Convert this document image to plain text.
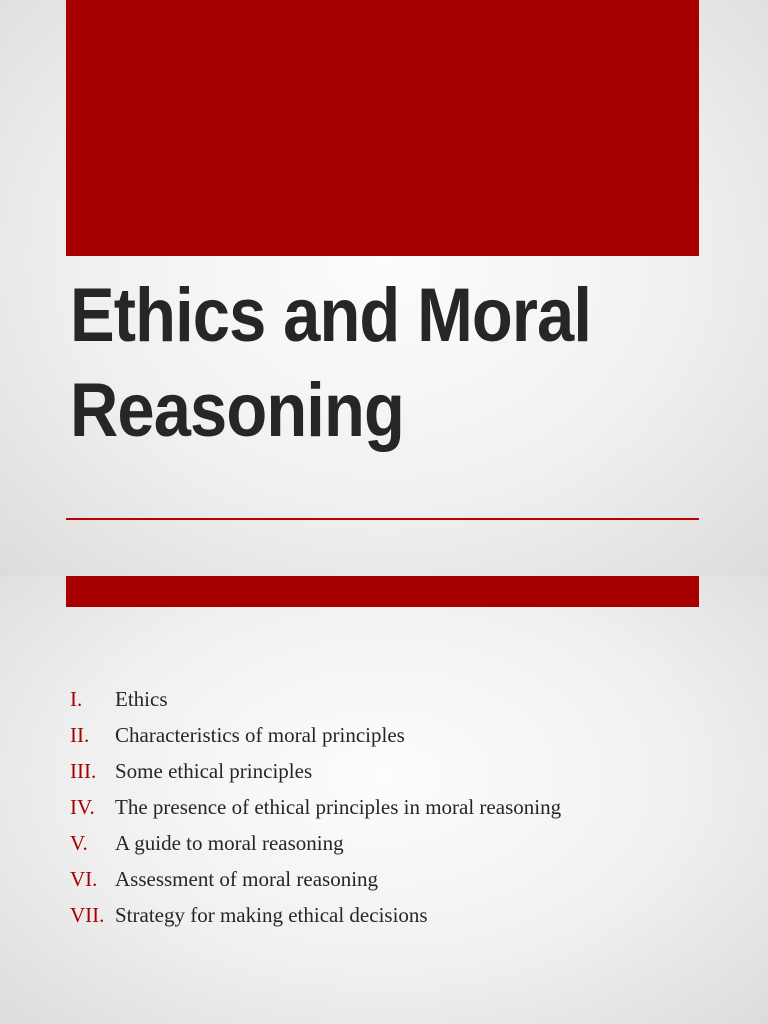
Ethics and Moral
Reasoning
I.	Ethics
II.	Characteristics of moral principles
III. Some ethical principles
IV. The presence of ethical principles in moral reasoning
V.	A guide to moral reasoning
VI. Assessment of moral reasoning
VII. Strategy for making ethical decisions
